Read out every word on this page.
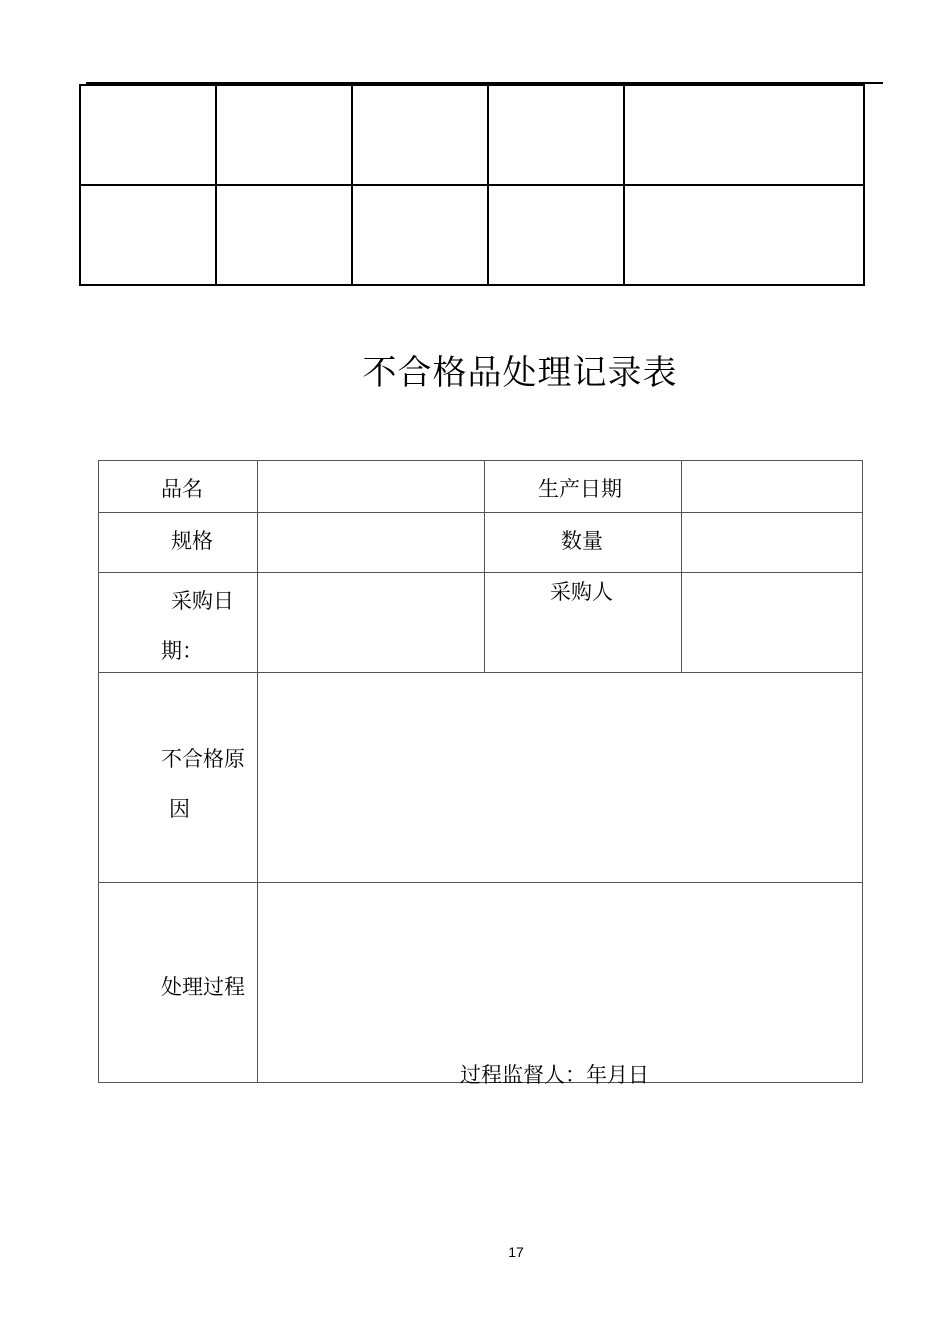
不合格品处理记录表
品名		生产日期	

规格		数量	

采购日
期：		采购人	

不合格原
因			

处理过程	过程监督人：年月日		
17
